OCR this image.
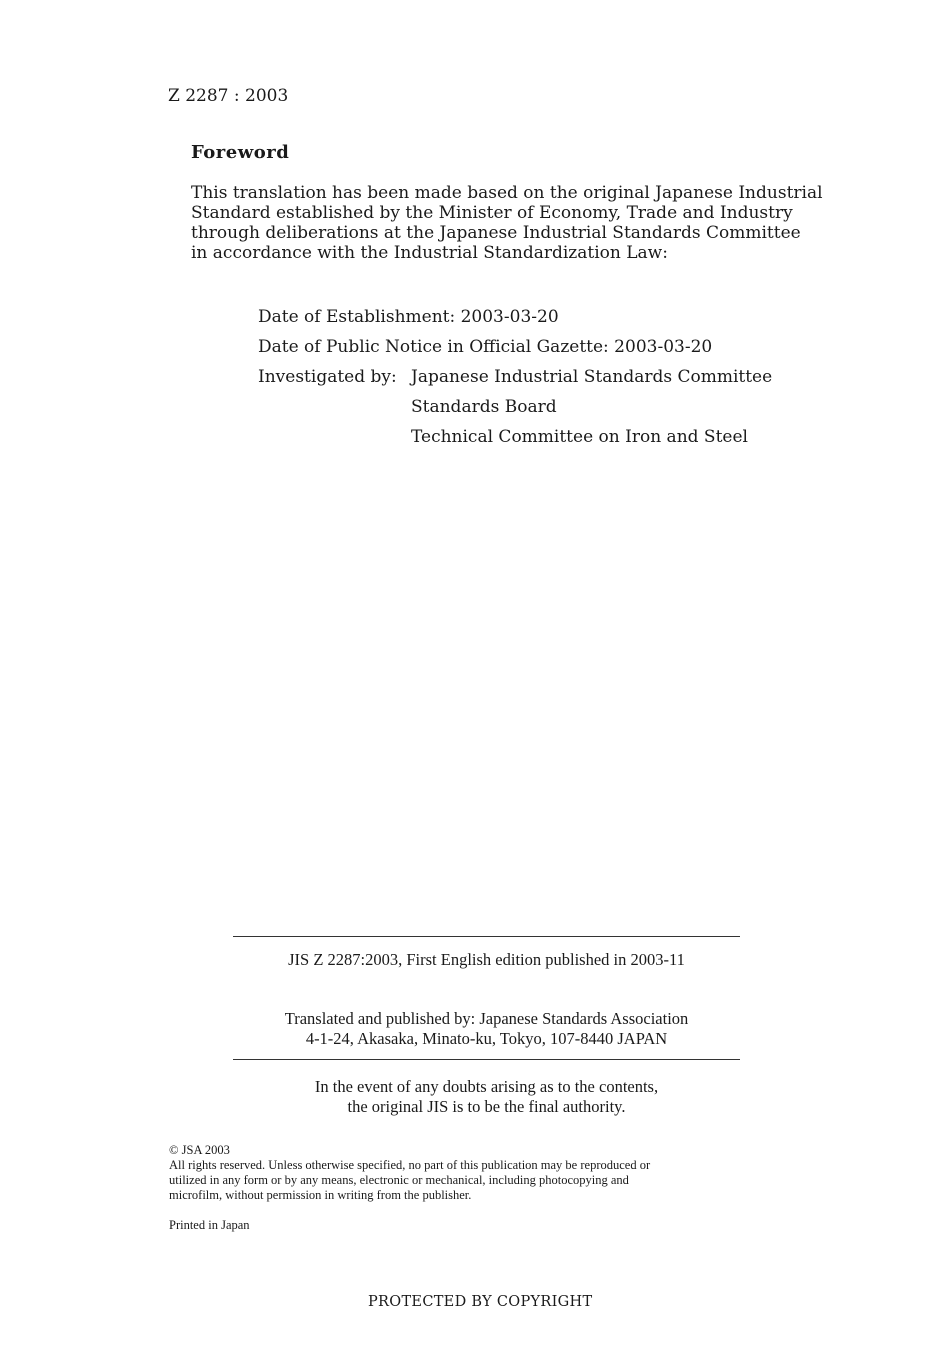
Z 2287 : 2003
Foreword
This translation has been made based on the original Japanese Industrial
Standard established by the Minister of Economy, Trade and Industry
through deliberations at the Japanese Industrial Standards Committee
in accordance with the Industrial Standardization Law:
Date of Establishment: 2003-03-20
Date of Public Notice in Official Gazette: 2003-03-20
Investigated by: Japanese Industrial Standards Committee
Standards Board
Technical Committee on Iron and Steel
JIS Z 2287:2003, First English edition published in 2003-11
Translated and published by: Japanese Standards Association
4-1-24, Akasaka, Minato-ku, Tokyo, 107-8440 JAPAN
In the event of any doubts arising as to the contents,
the original JIS is to be the final authority.
© JSA 2003
All rights reserved. Unless otherwise specified, no part of this publication may be reproduced or
utilized in any form or by any means, electronic or mechanical, including photocopying and
microfilm, without permission in writing from the publisher.
Printed in Japan
PROTECTED BY COPYRIGHT
